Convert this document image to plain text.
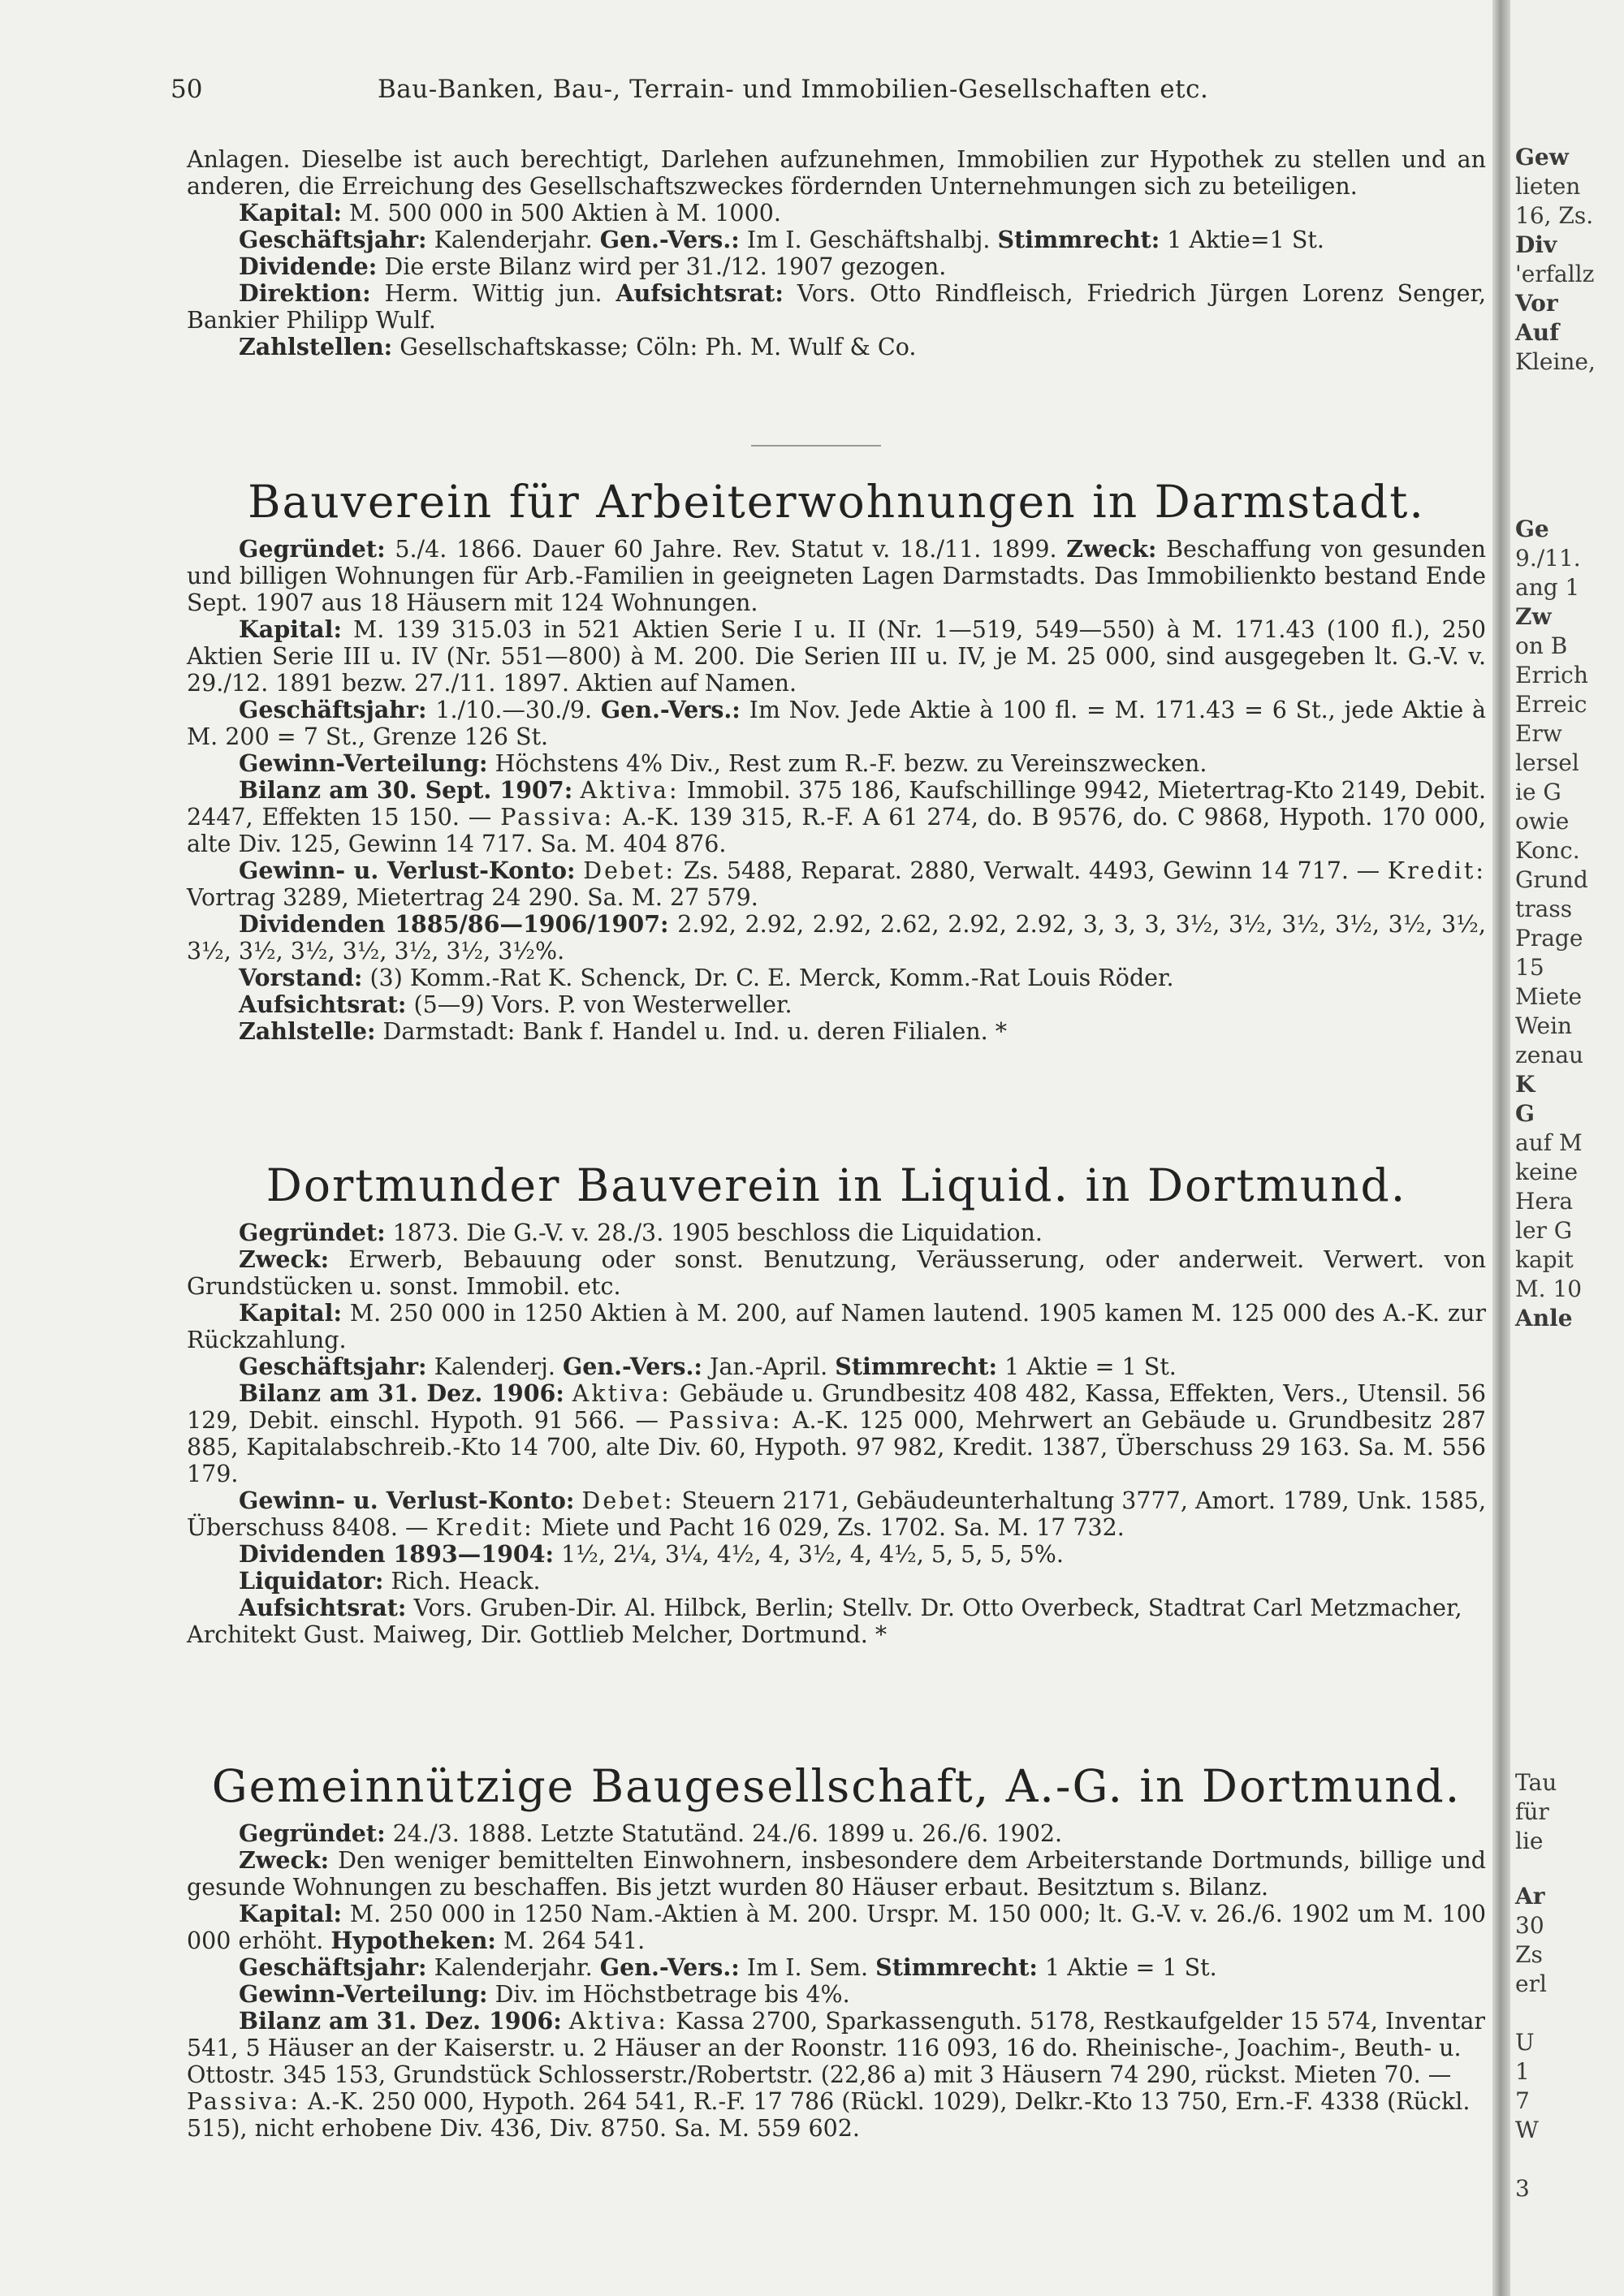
50	Bau-Banken, Bau-, Terrain- und Immobilien-Gesellschaften etc.

Anlagen. Dieselbe ist auch berechtigt, Darlehen aufzunehmen, Immobilien zur Hypothek zu stellen und an anderen, die Erreichung des Gesellschaftszweckes fördernden Unternehmungen sich zu beteiligen.

Kapital: M. 500 000 in 500 Aktien à M. 1000.

Geschäftsjahr: Kalenderjahr. Gen.-Vers.: Im I. Geschäftshalbj. Stimmrecht: 1 Aktie=1 St.

Dividende: Die erste Bilanz wird per 31./12. 1907 gezogen.

Direktion: Herm. Wittig jun. Aufsichtsrat: Vors. Otto Rindfleisch, Friedrich Jürgen Lorenz Senger, Bankier Philipp Wulf.

Zahlstellen: Gesellschaftskasse; Cöln: Ph. M. Wulf & Co.

Bauverein für Arbeiterwohnungen in Darmstadt.

Gegründet: 5./4. 1866. Dauer 60 Jahre. Rev. Statut v. 18./11. 1899. Zweck: Beschaffung von gesunden und billigen Wohnungen für Arb.-Familien in geeigneten Lagen Darmstadts. Das Immobilienkto bestand Ende Sept. 1907 aus 18 Häusern mit 124 Wohnungen.

Kapital: M. 139 315.03 in 521 Aktien Serie I u. II (Nr. 1—519, 549—550) à M. 171.43 (100 fl.), 250 Aktien Serie III u. IV (Nr. 551—800) à M. 200. Die Serien III u. IV, je M. 25 000, sind ausgegeben lt. G.-V. v. 29./12. 1891 bezw. 27./11. 1897. Aktien auf Namen.

Geschäftsjahr: 1./10.—30./9. Gen.-Vers.: Im Nov. Jede Aktie à 100 fl. = M. 171.43 = 6 St., jede Aktie à M. 200 = 7 St., Grenze 126 St.

Gewinn-Verteilung: Höchstens 4% Div., Rest zum R.-F. bezw. zu Vereinszwecken.

Bilanz am 30. Sept. 1907: Aktiva: Immobil. 375 186, Kaufschillinge 9942, Mietertrag-Kto 2149, Debit. 2447, Effekten 15 150. — Passiva: A.-K. 139 315, R.-F. A 61 274, do. B 9576, do. C 9868, Hypoth. 170 000, alte Div. 125, Gewinn 14 717. Sa. M. 404 876.

Gewinn- u. Verlust-Konto: Debet: Zs. 5488, Reparat. 2880, Verwalt. 4493, Gewinn 14 717. — Kredit: Vortrag 3289, Mietertrag 24 290. Sa. M. 27 579.

Dividenden 1885/86—1906/1907: 2.92, 2.92, 2.92, 2.62, 2.92, 2.92, 3, 3, 3, 3½, 3½, 3½, 3½, 3½, 3½, 3½, 3½, 3½, 3½, 3½, 3½, 3½%.

Vorstand: (3) Komm.-Rat K. Schenck, Dr. C. E. Merck, Komm.-Rat Louis Röder.

Aufsichtsrat: (5—9) Vors. P. von Westerweller.

Zahlstelle: Darmstadt: Bank f. Handel u. Ind. u. deren Filialen. *

Dortmunder Bauverein in Liquid. in Dortmund.

Gegründet: 1873. Die G.-V. v. 28./3. 1905 beschloss die Liquidation.

Zweck: Erwerb, Bebauung oder sonst. Benutzung, Veräusserung, oder anderweit. Verwert. von Grundstücken u. sonst. Immobil. etc.

Kapital: M. 250 000 in 1250 Aktien à M. 200, auf Namen lautend. 1905 kamen M. 125 000 des A.-K. zur Rückzahlung.

Geschäftsjahr: Kalenderj. Gen.-Vers.: Jan.-April. Stimmrecht: 1 Aktie = 1 St.

Bilanz am 31. Dez. 1906: Aktiva: Gebäude u. Grundbesitz 408 482, Kassa, Effekten, Vers., Utensil. 56 129, Debit. einschl. Hypoth. 91 566. — Passiva: A.-K. 125 000, Mehrwert an Gebäude u. Grundbesitz 287 885, Kapitalabschreib.-Kto 14 700, alte Div. 60, Hypoth. 97 982, Kredit. 1387, Überschuss 29 163. Sa. M. 556 179.

Gewinn- u. Verlust-Konto: Debet: Steuern 2171, Gebäudeunterhaltung 3777, Amort. 1789, Unk. 1585, Überschuss 8408. — Kredit: Miete und Pacht 16 029, Zs. 1702. Sa. M. 17 732.

Dividenden 1893—1904: 1½, 2¼, 3¼, 4½, 4, 3½, 4, 4½, 5, 5, 5, 5%.

Liquidator: Rich. Heack.

Aufsichtsrat: Vors. Gruben-Dir. Al. Hilbck, Berlin; Stellv. Dr. Otto Overbeck, Stadtrat Carl Metzmacher, Architekt Gust. Maiweg, Dir. Gottlieb Melcher, Dortmund. *

Gemeinnützige Baugesellschaft, A.-G. in Dortmund.

Gegründet: 24./3. 1888. Letzte Statutänd. 24./6. 1899 u. 26./6. 1902.

Zweck: Den weniger bemittelten Einwohnern, insbesondere dem Arbeiterstande Dortmunds, billige und gesunde Wohnungen zu beschaffen. Bis jetzt wurden 80 Häuser erbaut. Besitztum s. Bilanz.

Kapital: M. 250 000 in 1250 Nam.-Aktien à M. 200. Urspr. M. 150 000; lt. G.-V. v. 26./6. 1902 um M. 100 000 erhöht. Hypotheken: M. 264 541.

Geschäftsjahr: Kalenderjahr. Gen.-Vers.: Im I. Sem. Stimmrecht: 1 Aktie = 1 St.

Gewinn-Verteilung: Div. im Höchstbetrage bis 4%.

Bilanz am 31. Dez. 1906: Aktiva: Kassa 2700, Sparkassenguth. 5178, Restkaufgelder 15 574, Inventar 541, 5 Häuser an der Kaiserstr. u. 2 Häuser an der Roonstr. 116 093, 16 do. Rheinische-, Joachim-, Beuth- u. Ottostr. 345 153, Grundstück Schlosserstr./Robertstr. (22,86 a) mit 3 Häusern 74 290, rückst. Mieten 70. — Passiva: A.-K. 250 000, Hypoth. 264 541, R.-F. 17 786 (Rückl. 1029), Delkr.-Kto 13 750, Ern.-F. 4338 (Rückl. 515), nicht erhobene Div. 436, Div. 8750. Sa. M. 559 602.

Gew
lieten
16, Zs.
Div
'erfallz
Vor
Auf
Kleine,
Ge
9./11.
ang 1
Zw
on B
Errich
Erreic
Erw
lersel
ie G
owie
Konc.
Grund
trass
Prage
15
Miete
Wein
zenau
K
G
auf M
keine
Hera
ler G
kapit
M. 10
Anle
Tau
für
lie
Ar
30
Zs
erl
U
1
7
W
3
